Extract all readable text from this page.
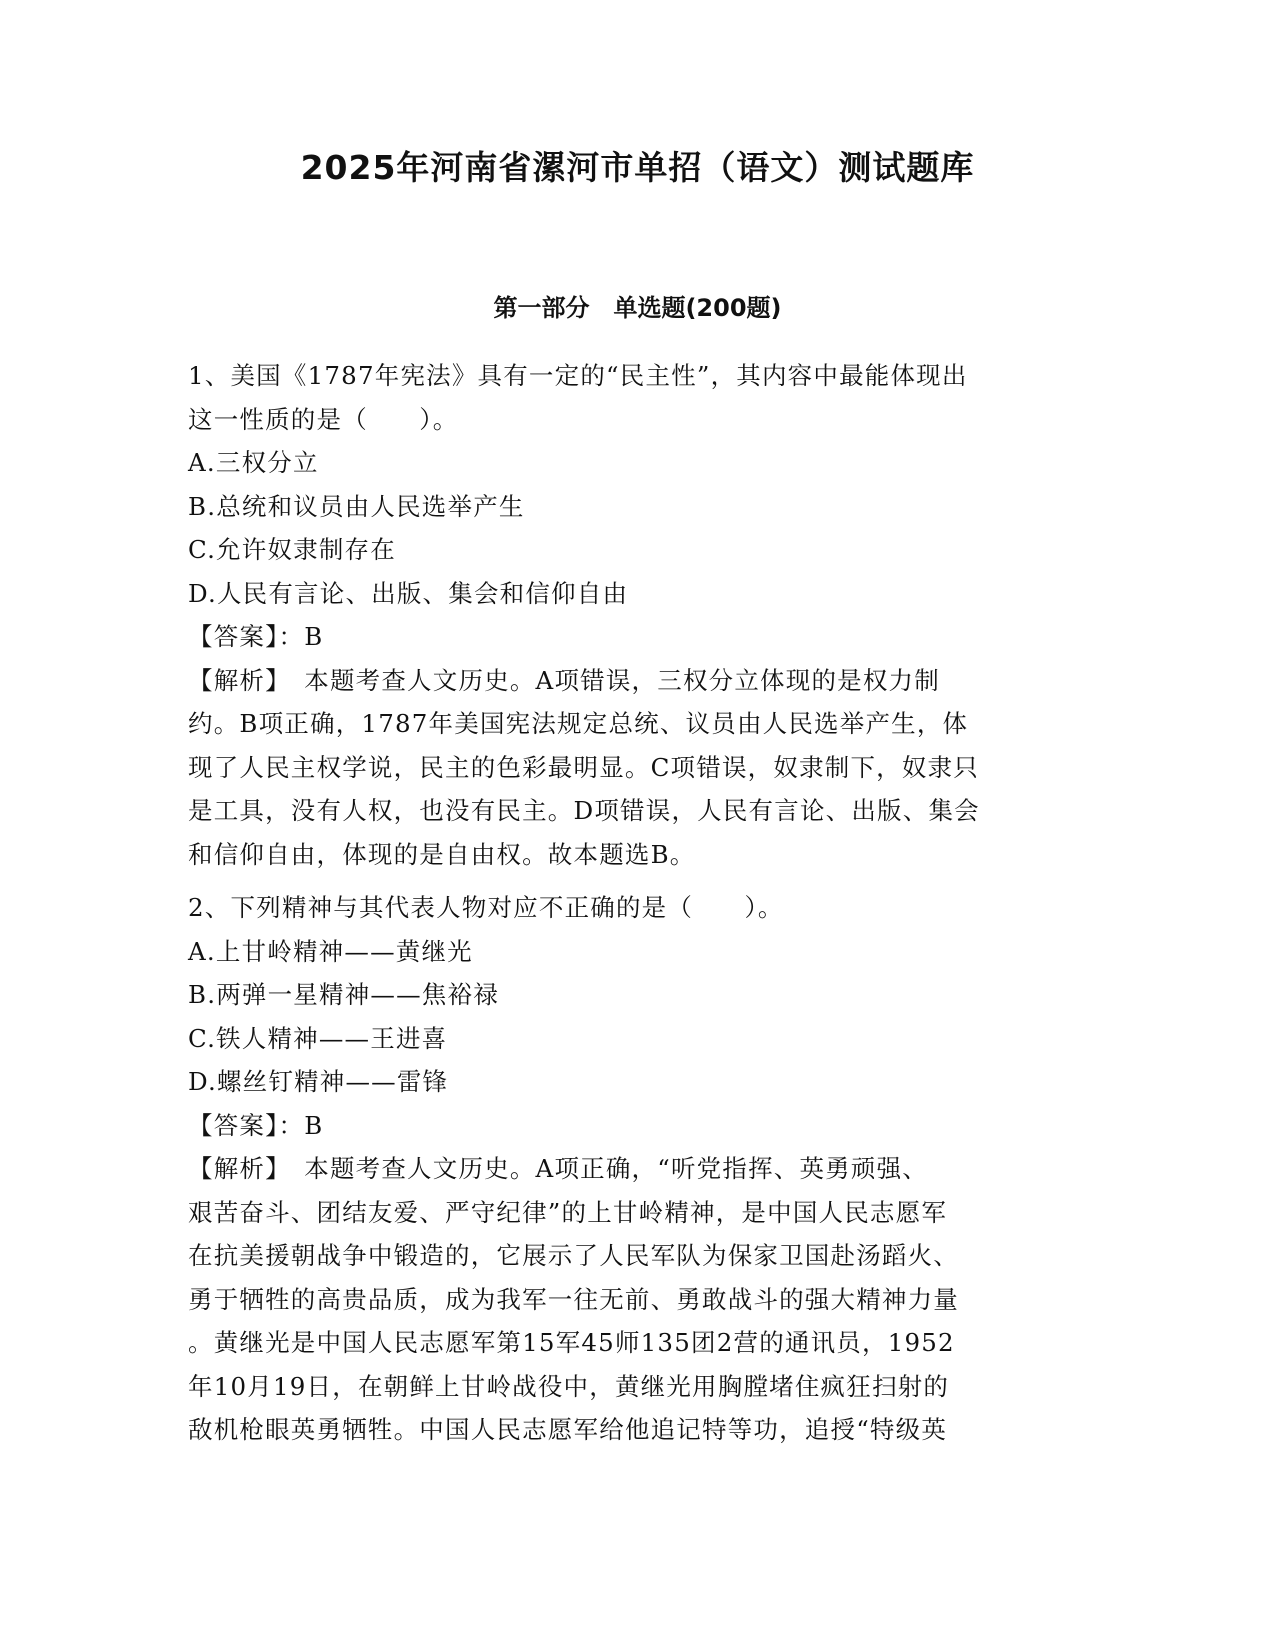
2025年河南省漯河市单招（语文）测试题库
第一部分　单选题(200题)
1、美国《1787年宪法》具有一定的“民主性”，其内容中最能体现出
这一性质的是（　　）。
A.三权分立
B.总统和议员由人民选举产生
C.允许奴隶制存在
D.人民有言论、出版、集会和信仰自由
【答案】：B
【解析】　本题考查人文历史。A项错误，三权分立体现的是权力制
约。B项正确，1787年美国宪法规定总统、议员由人民选举产生，体
现了人民主权学说，民主的色彩最明显。C项错误，奴隶制下，奴隶只
是工具，没有人权，也没有民主。D项错误，人民有言论、出版、集会
和信仰自由，体现的是自由权。故本题选B。
2、下列精神与其代表人物对应不正确的是（　　）。
A.上甘岭精神——黄继光
B.两弹一星精神——焦裕禄
C.铁人精神——王进喜
D.螺丝钉精神——雷锋
【答案】：B
【解析】　本题考查人文历史。A项正确，“听党指挥、英勇顽强、
艰苦奋斗、团结友爱、严守纪律”的上甘岭精神，是中国人民志愿军
在抗美援朝战争中锻造的，它展示了人民军队为保家卫国赴汤蹈火、
勇于牺牲的高贵品质，成为我军一往无前、勇敢战斗的强大精神力量
。黄继光是中国人民志愿军第15军45师135团2营的通讯员，1952
年10月19日，在朝鲜上甘岭战役中，黄继光用胸膛堵住疯狂扫射的
敌机枪眼英勇牺牲。中国人民志愿军给他追记特等功，追授“特级英
